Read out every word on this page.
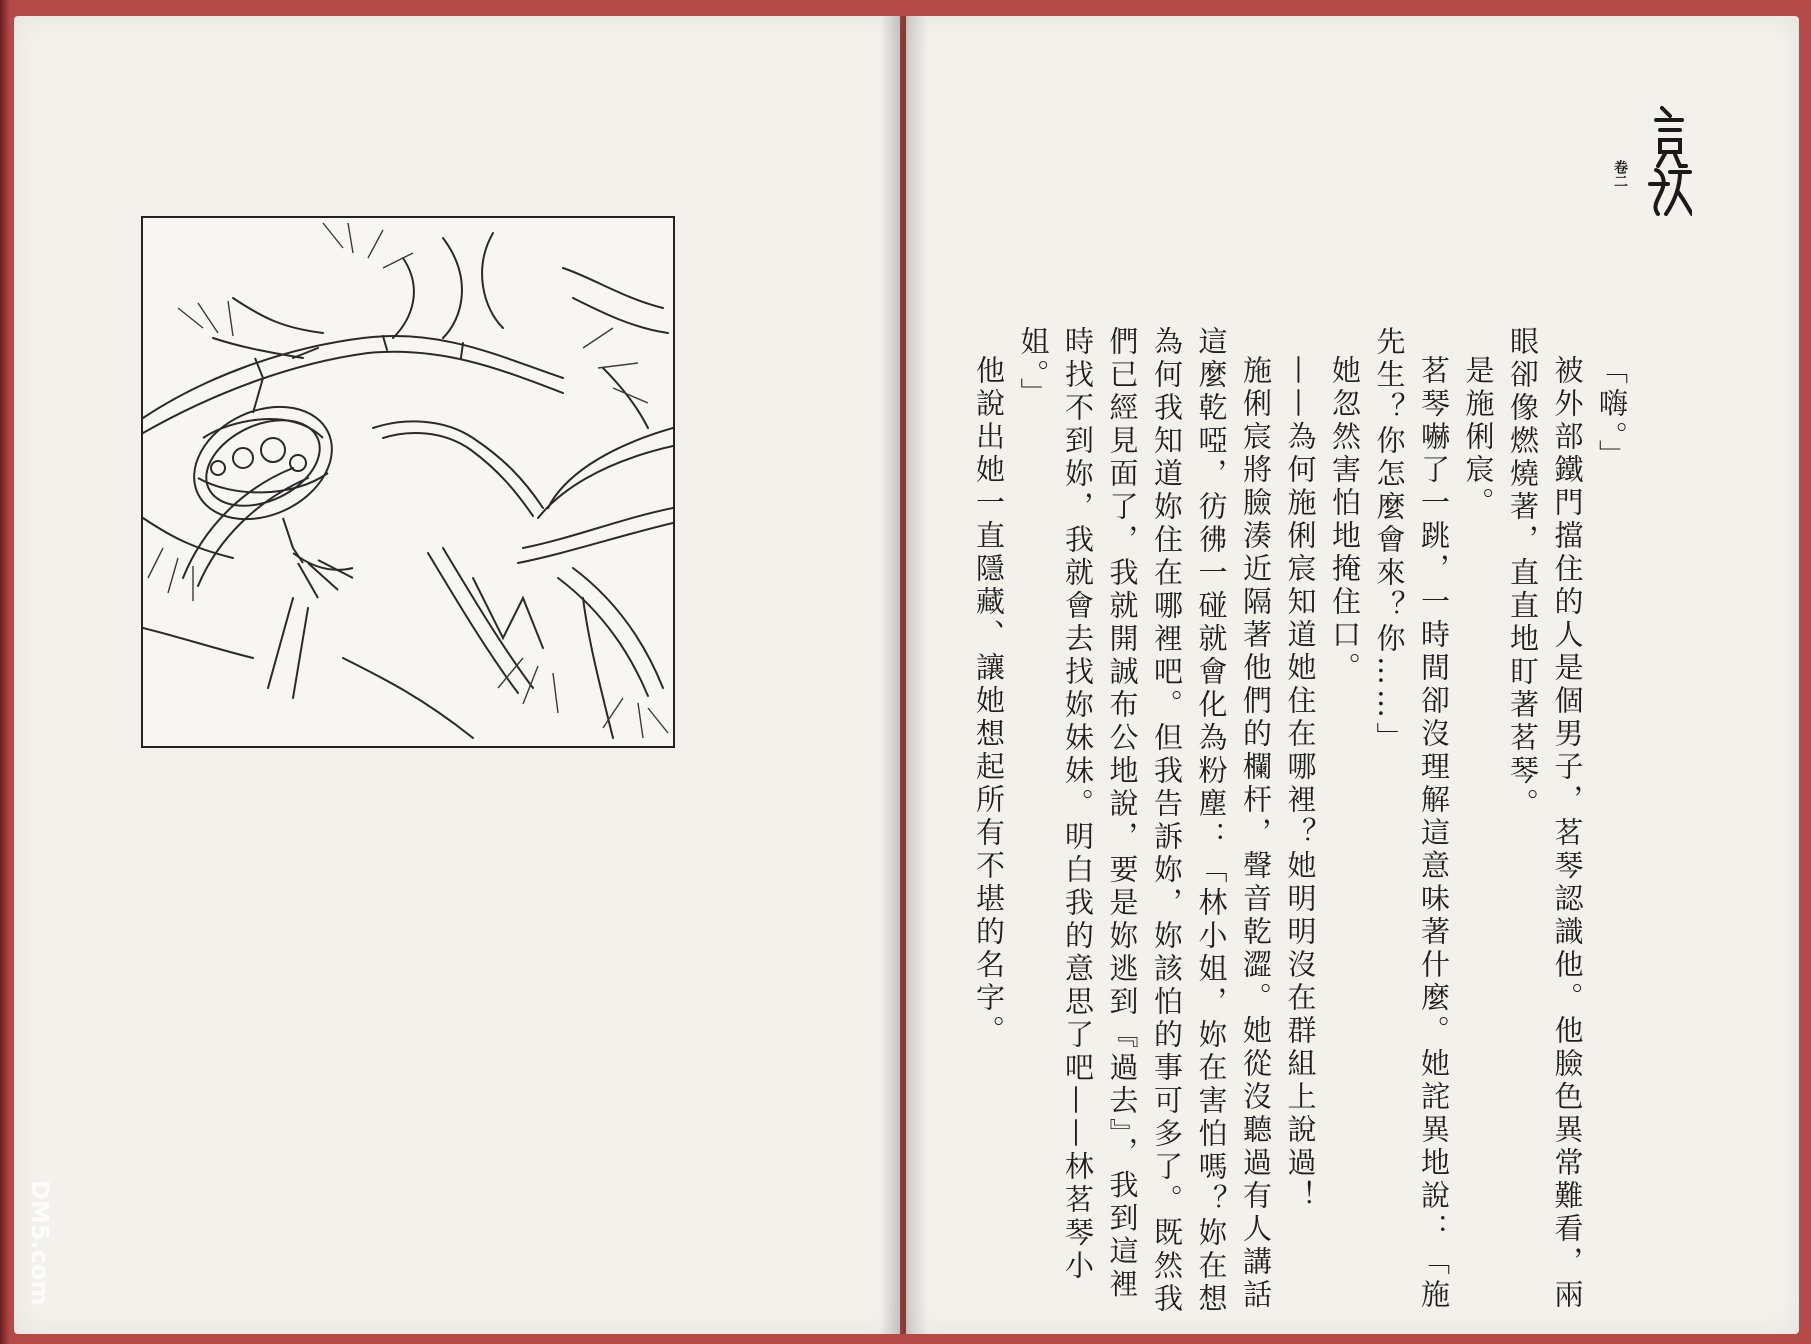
卷二

「嗨。」

被外部鐵門擋住的人是個男子，茗琴認識他。他臉色異常難看，兩眼卻像燃燒著，直直地盯著茗琴。

是施俐宸。

茗琴嚇了一跳，一時間卻沒理解這意味著什麼。她詫異地說：「施先生？你怎麼會來？你……」

她忽然害怕地掩住口。

——為何施俐宸知道她住在哪裡？她明明沒在群組上說過！

施俐宸將臉湊近隔著他們的欄杆，聲音乾澀。她從沒聽過有人講話這麼乾啞，彷彿一碰就會化為粉塵：「林小姐，妳在害怕嗎？妳在想為何我知道妳住在哪裡吧。但我告訴妳，妳該怕的事可多了。既然我們已經見面了，我就開誠布公地說，要是妳逃到『過去』，我到這裡時找不到妳，我就會去找妳妹妹。明白我的意思了吧——林茗琴小姐。」

他說出她一直隱藏、讓她想起所有不堪的名字。

DM5.com
